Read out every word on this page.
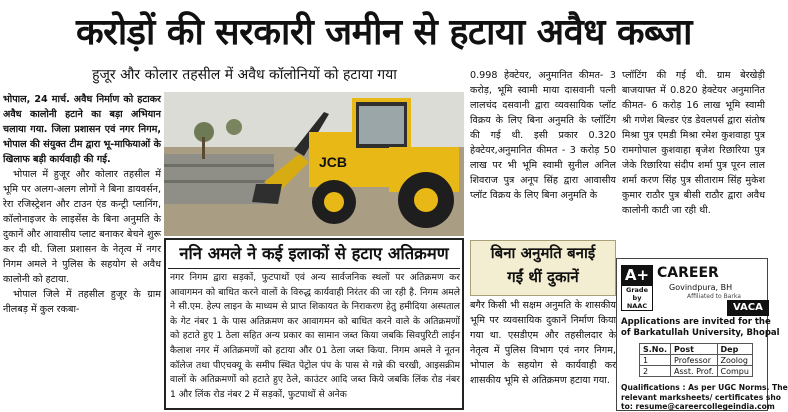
करोड़ों की सरकारी जमीन से हटाया अवैध कब्जा
हुजूर और कोलार तहसील में अवैध कॉलोनियों को हटाया गया

भोपाल, 24 मार्च. अवैध निर्माण को हटाकर अवैध कालोनी हटाने का बड़ा अभियान चलाया गया. जिला प्रशासन एवं नगर निगम, भोपाल की संयुक्त टीम द्वारा भू-माफियाओं के खिलाफ बड़ी कार्यवाही की गई.

भोपाल में हुजूर और कोलार तहसील में भूमि पर अलग-अलग लोगों ने बिना डायवर्सन, रेरा रजिस्ट्रेशन और टाउन एंड कन्ट्री प्लानिंग, कॉलोनाइजर के लाइसेंस के बिना अनुमति के दुकानें और आवासीय प्लाट बनाकर बेचने शुरू कर दी थी. जिला प्रशासन के नेतृत्व में नगर निगम अमले ने पुलिस के सहयोग से अवैध कालोनी को हटाया.

भोपाल जिले में तहसील हुजूर के ग्राम नीलबड़ में कुल रकबा-

JCB
ननि अमले ने कई इलाकों से हटाए अतिक्रमण
नगर निगम द्वारा सड़कों, फुटपाथों एवं अन्य सार्वजनिक स्थलों पर अतिक्रमण कर आवागमन को बाधित करने वालों के विरुद्ध कार्यवाही निरंतर की जा रही है. निगम अमले ने सी.एम. हेल्प लाइन के माध्यम से प्राप्त शिकायत के निराकरण हेतु हमीदिया अस्पताल के गेट नंबर 1 के पास अतिक्रमण कर आवागमन को बाधित करने वाले के अतिक्रमणों को हटाते हुए 1 ठेला सहित अन्य प्रकार का सामान जब्त किया जबकि सिवपुरिटी लाईन कैलाश नगर में अतिक्रमणों को हटाया और 01 ठेला जब्त किया. निगम अमले ने नूतन कॉलेज तथा पीएचक्यू के समीप स्थित पेट्रोल पंप के पास से गन्ने की चरखी, आइसक्रीम वालों के अतिक्रमणों को हटाते हुए ठेले, काउंटर आदि जब्त किये जबकि लिंक रोड नंबर 1 और लिंक रोड नंबर 2 में सड़कों, फुटपाथों से अनेक
0.998 हेक्टेयर, अनुमानित कीमत- 3 करोड़, भूमि स्वामी माया दासवानी पत्नी लालचंद दसवानी द्वारा व्यवसायिक प्लॉट विक्रय के लिए बिना अनुमति के प्लॉटिंग की गई थी. इसी प्रकार 0.320 हेक्टेयर,अनुमानित कीमत - 3 करोड़ 50 लाख पर भी भूमि स्वामी सुनील अनिल शिवराज पुत्र अनूप सिंह द्वारा आवासीय प्लॉट विक्रय के लिए बिना अनुमति के
बिना अनुमति बनाई
गईं थीं दुकानें
बगैर किसी भी सक्षम अनुमति के शासकीय भूमि पर व्यवसायिक दुकानें निर्माण किया गया था. एसडीएम और तहसीलदार के नेतृत्व में पुलिस विभाग एवं नगर निगम, भोपाल के सहयोग से कार्यवाही कर शासकीय भूमि से अतिक्रमण हटाया गया.
प्लॉटिंग की गई थी. ग्राम बेरखेड़ी बाजयाफ्त में 0.820 हेक्टेयर अनुमानित कीमत- 6 करोड़ 16 लाख भूमि स्वामी श्री गणेश बिल्डर एंड डेवलपर्स द्वारा संतोष मिश्रा पुत्र एमडी मिश्रा रमेश कुशवाहा पुत्र रामगोपाल कुशवाहा बृजेश रिछारिया पुत्र जेके रिछारिया संदीप शर्मा पुत्र पूरन लाल शर्मा करण सिंह पुत्र सीताराम सिंह मुकेश कुमार राठौर पुत्र बीसी राठौर द्वारा अवैध कालोनी काटी जा रही थी.
A+
Grade by NAAC
CAREER
Govindpura, BH
Affiliated to Barka
VACA
Applications are invited for the
of Barkatullah University, Bhopal
S.No.	Post	Dep
1	Professor	Zoolog
2	Asst. Prof.	Compu
Qualifications : As per UGC Norms. The
relevant marksheets/ certificates sho
to: resume@careercollegeindia.com
